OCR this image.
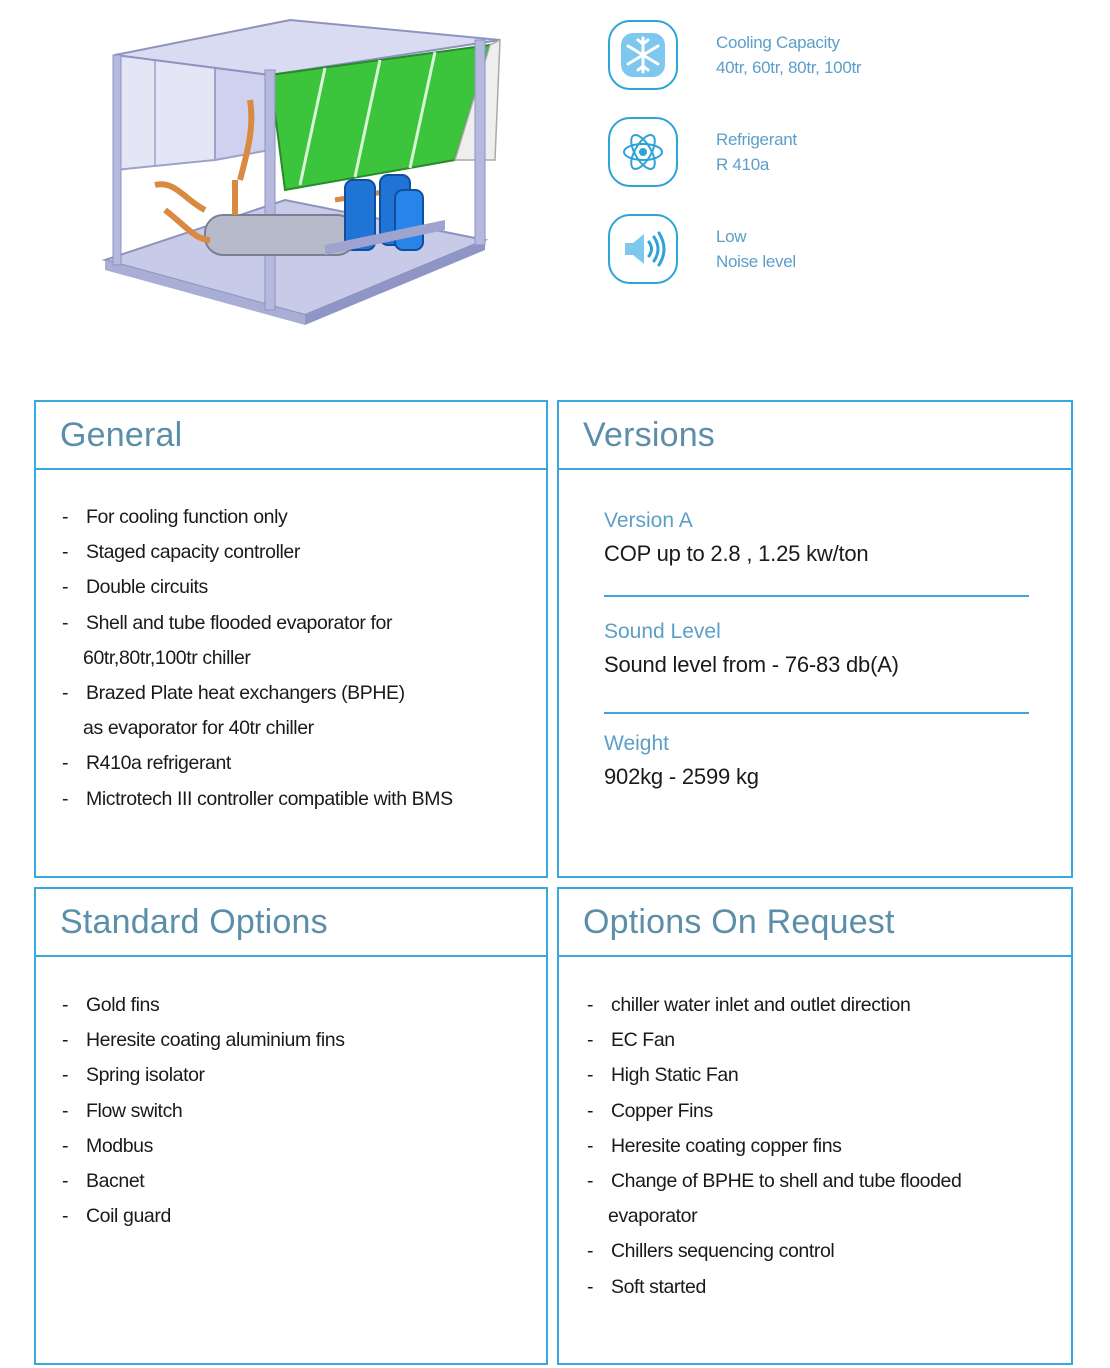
Cooling Capacity
40tr, 60tr, 80tr, 100tr
Refrigerant
R 410a
Low
Noise level
General
- For cooling function only
- Staged capacity controller
- Double circuits
- Shell and tube flooded evaporator for
60tr,80tr,100tr chiller
- Brazed Plate heat exchangers (BPHE)
as evaporator for 40tr chiller
- R410a refrigerant
- Mictrotech III controller compatible with BMS
Versions
Version A
COP up to 2.8 , 1.25 kw/ton
Sound Level
Sound level from - 76-83 db(A)
Weight
902kg - 2599 kg
Standard Options
- Gold fins
- Heresite coating aluminium fins
- Spring isolator
- Flow switch
- Modbus
- Bacnet
- Coil guard
Options On Request
- chiller water inlet and outlet direction
- EC Fan
- High Static Fan
- Copper Fins
- Heresite coating copper fins
- Change of BPHE to shell and tube flooded
evaporator
- Chillers sequencing control
- Soft started
